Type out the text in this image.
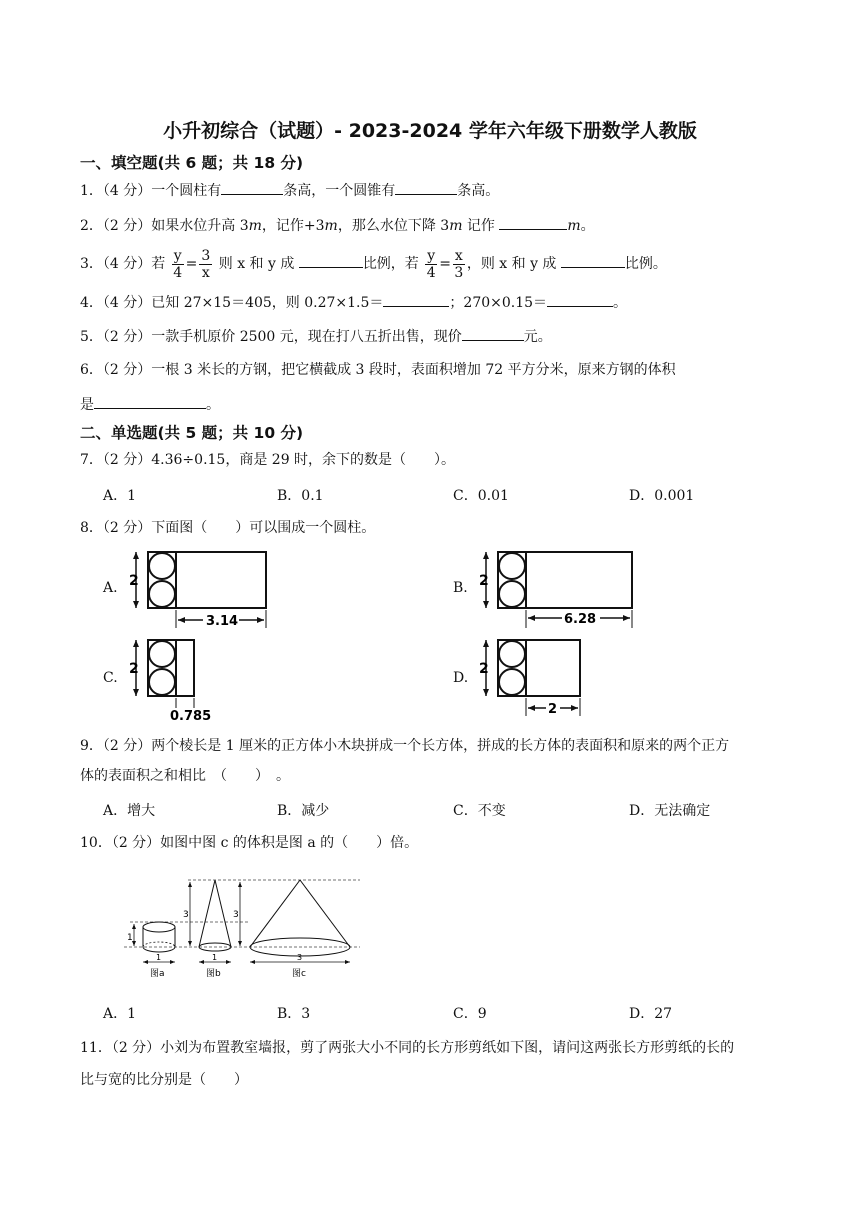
小升初综合（试题）- 2023-2024 学年六年级下册数学人教版
一、填空题(共 6 题；共 18 分)
1．（4 分）一个圆柱有	条高，一个圆锥有	条高。
2．（2 分）如果水位升高 3m，记作+3m，那么水位下降 3m 记作	m。
3．（4 分）若 $\frac{y}{4} = \frac{3}{x}$ 则 x 和 y 成	比例，若 $\frac{y}{4} = \frac{x}{3}$ ，则 x 和 y 成	比例。
4．（4 分）已知 27×15＝405，则 0.27×1.5＝	；270×0.15＝	。
5．（2 分）一款手机原价 2500 元，现在打八五折出售，现价	元。
6．（2 分）一根 3 米长的方钢，把它横截成 3 段时，表面积增加 72 平方分米，原来方钢的体积
是	。
二、单选题(共 5 题；共 10 分)
7．（2 分）4.36÷0.15，商是 29 时，余下的数是（　　）。
A．1	B．0.1	C．0.01	D．0.001
8．（2 分）下面图（　　）可以围成一个圆柱。
A. 2
3.14
B. 2
6.28
C.
2
0.785
D.
2
2
9．（2 分）两个棱长是 1 厘米的正方体小木块拼成一个长方体，拼成的长方体的表面积和原来的两个正方
体的表面积之和相比　（　　）　。
A．增大	B．减少	C．不变	D．无法确定
10．（2 分）如图中图 c 的体积是图 a 的（　　）倍。
1
1
图a
3
1
图b
3
3
图c
A．1	B．3	C．9	D．27
11．（2 分）小刘为布置教室墙报，剪了两张大小不同的长方形剪纸如下图，请问这两张长方形剪纸的长的
比与宽的比分别是（　　）
